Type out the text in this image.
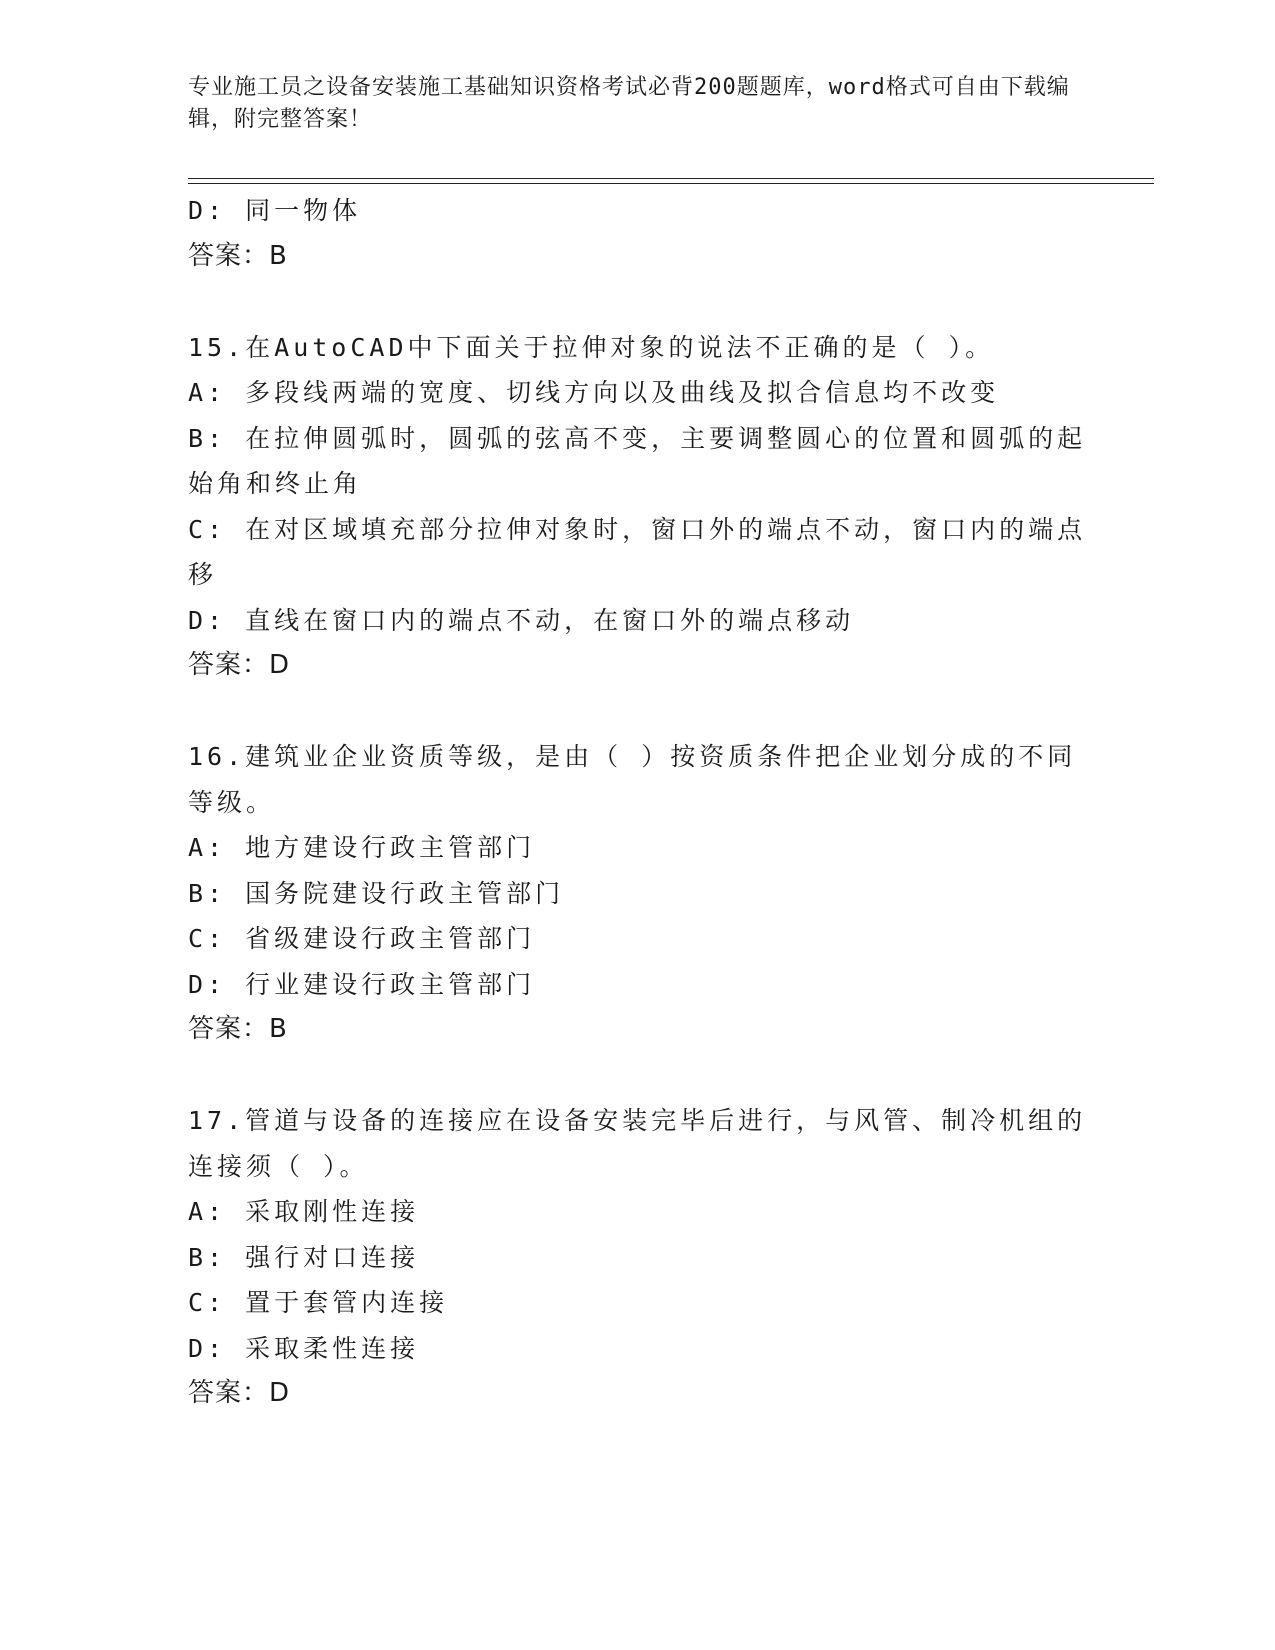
专业施工员之设备安装施工基础知识资格考试必背200题题库，word格式可自由下载编辑，附完整答案！
D: 同一物体
答案：B
15.在AutoCAD中下面关于拉伸对象的说法不正确的是（ ）。
A: 多段线两端的宽度、切线方向以及曲线及拟合信息均不改变
B: 在拉伸圆弧时，圆弧的弦高不变，主要调整圆心的位置和圆弧的起始角和终止角
C: 在对区域填充部分拉伸对象时，窗口外的端点不动，窗口内的端点移
D: 直线在窗口内的端点不动，在窗口外的端点移动
答案：D
16.建筑业企业资质等级，是由（ ）按资质条件把企业划分成的不同等级。
A: 地方建设行政主管部门
B: 国务院建设行政主管部门
C: 省级建设行政主管部门
D: 行业建设行政主管部门
答案：B
17.管道与设备的连接应在设备安装完毕后进行，与风管、制冷机组的连接须（ ）。
A: 采取刚性连接
B: 强行对口连接
C: 置于套管内连接
D: 采取柔性连接
答案：D
